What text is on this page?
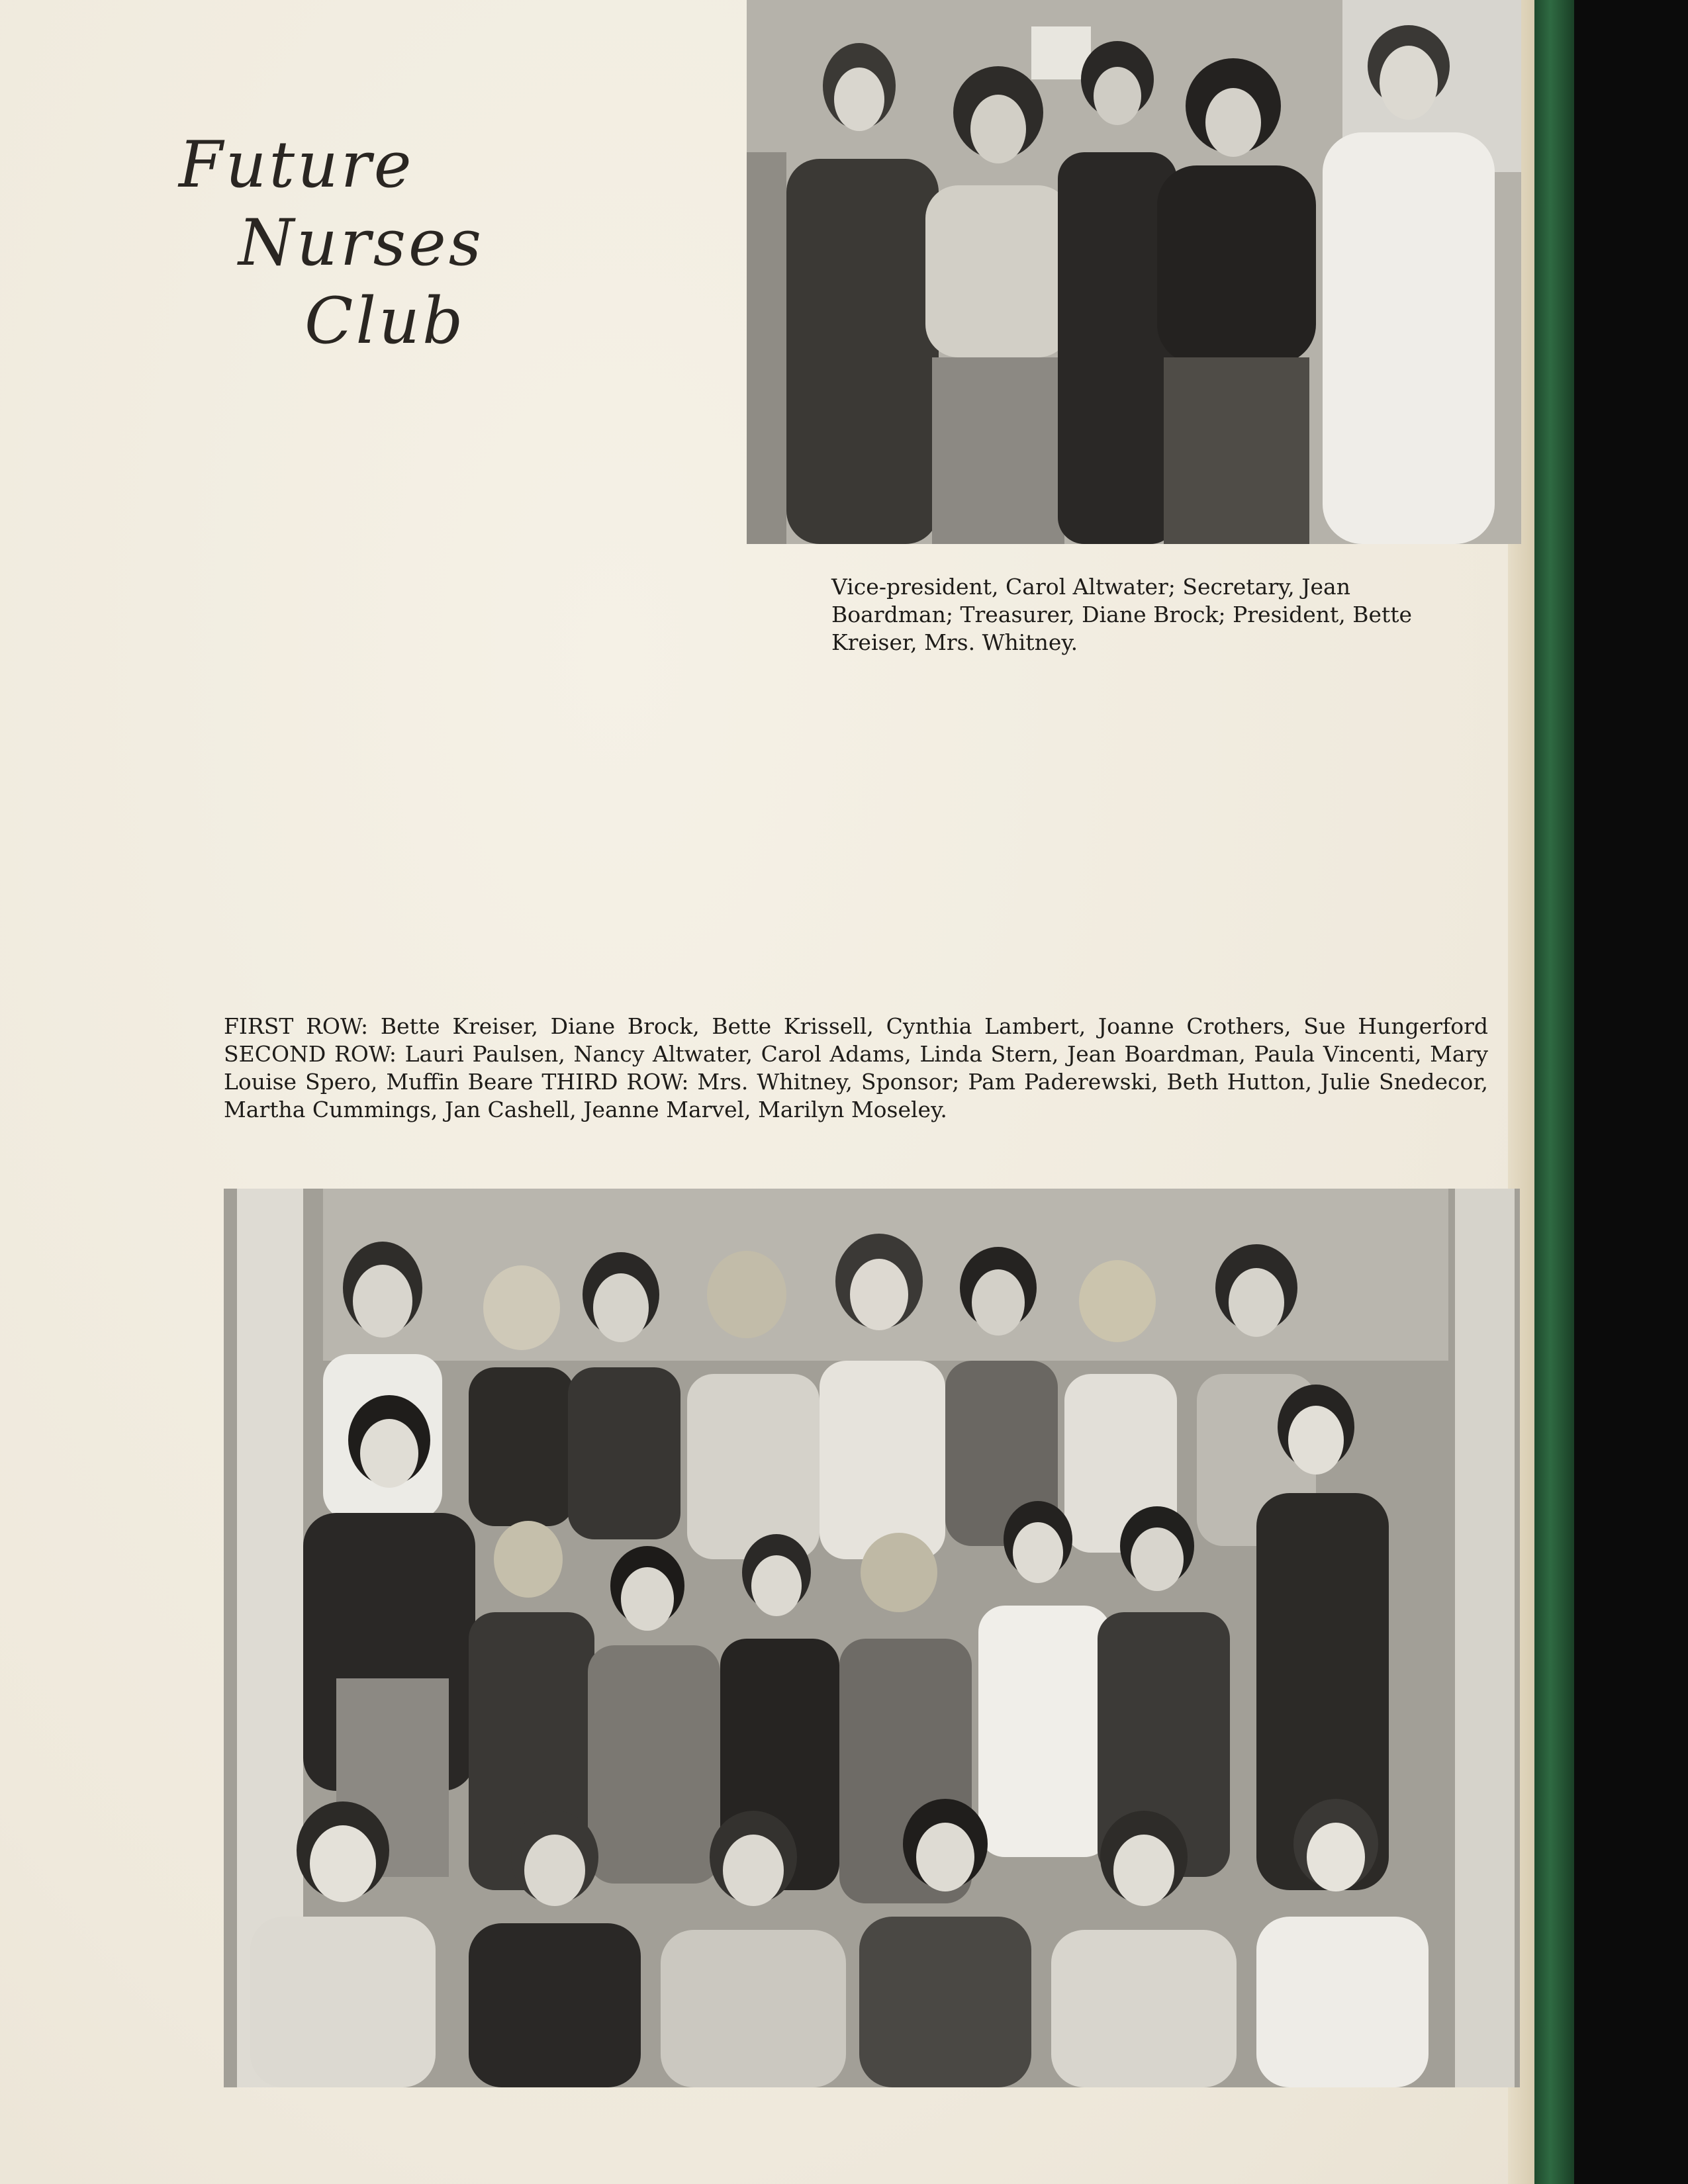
Future
Nurses
Club

Vice-president, Carol Altwater; Secretary, Jean Boardman; Treasurer, Diane Brock; President, Bette Kreiser, Mrs. Whitney.

FIRST ROW: Bette Kreiser, Diane Brock, Bette Krissell, Cynthia Lambert, Joanne Crothers, Sue Hungerford SECOND ROW: Lauri Paulsen, Nancy Altwater, Carol Adams, Linda Stern, Jean Boardman, Paula Vincenti, Mary Louise Spero, Muffin Beare THIRD ROW: Mrs. Whitney, Sponsor; Pam Paderewski, Beth Hutton, Julie Snedecor, Martha Cummings, Jan Cashell, Jeanne Marvel, Marilyn Moseley.
